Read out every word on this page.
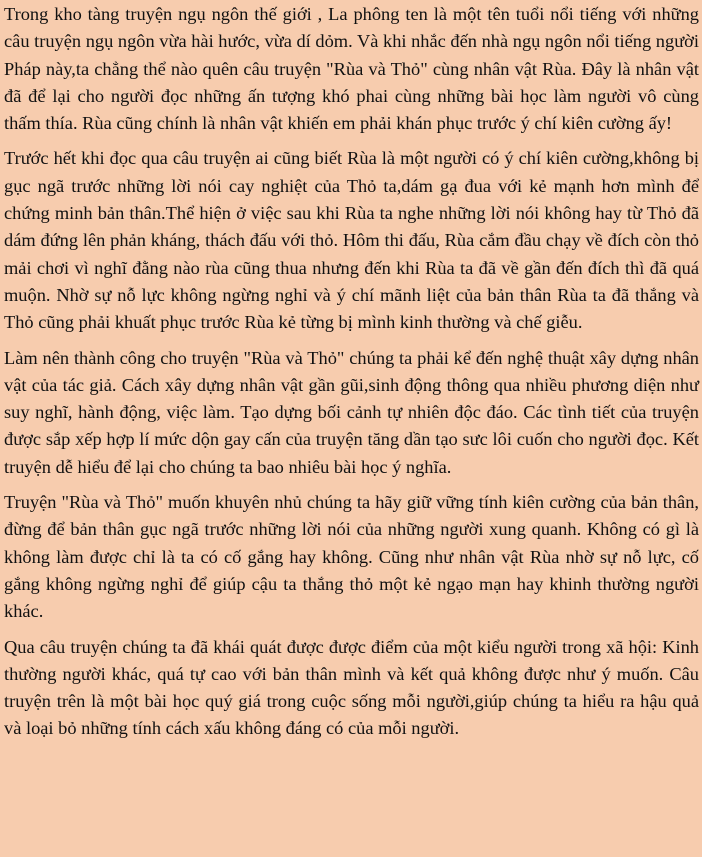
Trong kho tàng truyện ngụ ngôn thế giới , La phông ten là một tên tuổi nổi tiếng với những câu truyện ngụ ngôn vừa hài hước, vừa dí dỏm. Và khi nhắc đến nhà ngụ ngôn nổi tiếng người Pháp này,ta chẳng thể nào quên câu truyện "Rùa và Thỏ" cùng nhân vật Rùa. Đây là nhân vật đã để lại cho người đọc những ấn tượng khó phai cùng những bài học làm người vô cùng thấm thía. Rùa cũng chính là nhân vật khiến em phải khán phục trước ý chí kiên cường ấy!

Trước hết khi đọc qua câu truyện ai cũng biết Rùa là một người có ý chí kiên cường,không bị gục ngã trước những lời nói cay nghiệt của Thỏ ta,dám gạ đua với kẻ mạnh hơn mình để chứng minh bản thân.Thể hiện ở việc sau khi Rùa ta nghe những lời nói không hay từ Thỏ đã dám đứng lên phản kháng, thách đấu với thỏ. Hôm thi đấu, Rùa cắm đầu chạy về đích còn thỏ mải chơi vì nghĩ đằng nào rùa cũng thua nhưng đến khi Rùa ta đã về gần đến đích thì đã quá muộn. Nhờ sự nỗ lực không ngừng nghỉ và ý chí mãnh liệt của bản thân Rùa ta đã thắng và Thỏ cũng phải khuất phục trước Rùa kẻ từng bị mình kinh thường và chế giễu.

Làm nên thành công cho truyện "Rùa và Thỏ" chúng ta phải kể đến nghệ thuật xây dựng nhân vật của tác giả. Cách xây dựng nhân vật gần gũi,sinh động thông qua nhiều phương diện như suy nghĩ, hành động, việc làm. Tạo dựng bối cảnh tự nhiên độc đáo. Các tình tiết của truyện được sắp xếp hợp lí mức dộn gay cấn của truyện tăng dần tạo sưc lôi cuốn cho người đọc. Kết truyện dễ hiểu để lại cho chúng ta bao nhiêu bài học ý nghĩa.

Truyện "Rùa và Thỏ" muốn khuyên nhủ chúng ta hãy giữ vững tính kiên cường của bản thân, đừng để bản thân gục ngã trước những lời nói của những người xung quanh. Không có gì là không làm được chỉ là ta có cố gắng hay không. Cũng như nhân vật Rùa nhờ sự nỗ lực, cố gắng không ngừng nghỉ để giúp cậu ta thắng thỏ một kẻ ngạo mạn hay khinh thường người khác.

Qua câu truyện chúng ta đã khái quát được được điểm của một kiểu người trong xã hội: Kinh thường người khác, quá tự cao với bản thân mình và kết quả không được như ý muốn. Câu truyện trên là một bài học quý giá trong cuộc sống mỗi người,giúp chúng ta hiểu ra hậu quả và loại bỏ những tính cách xấu không đáng có của mỗi người.
